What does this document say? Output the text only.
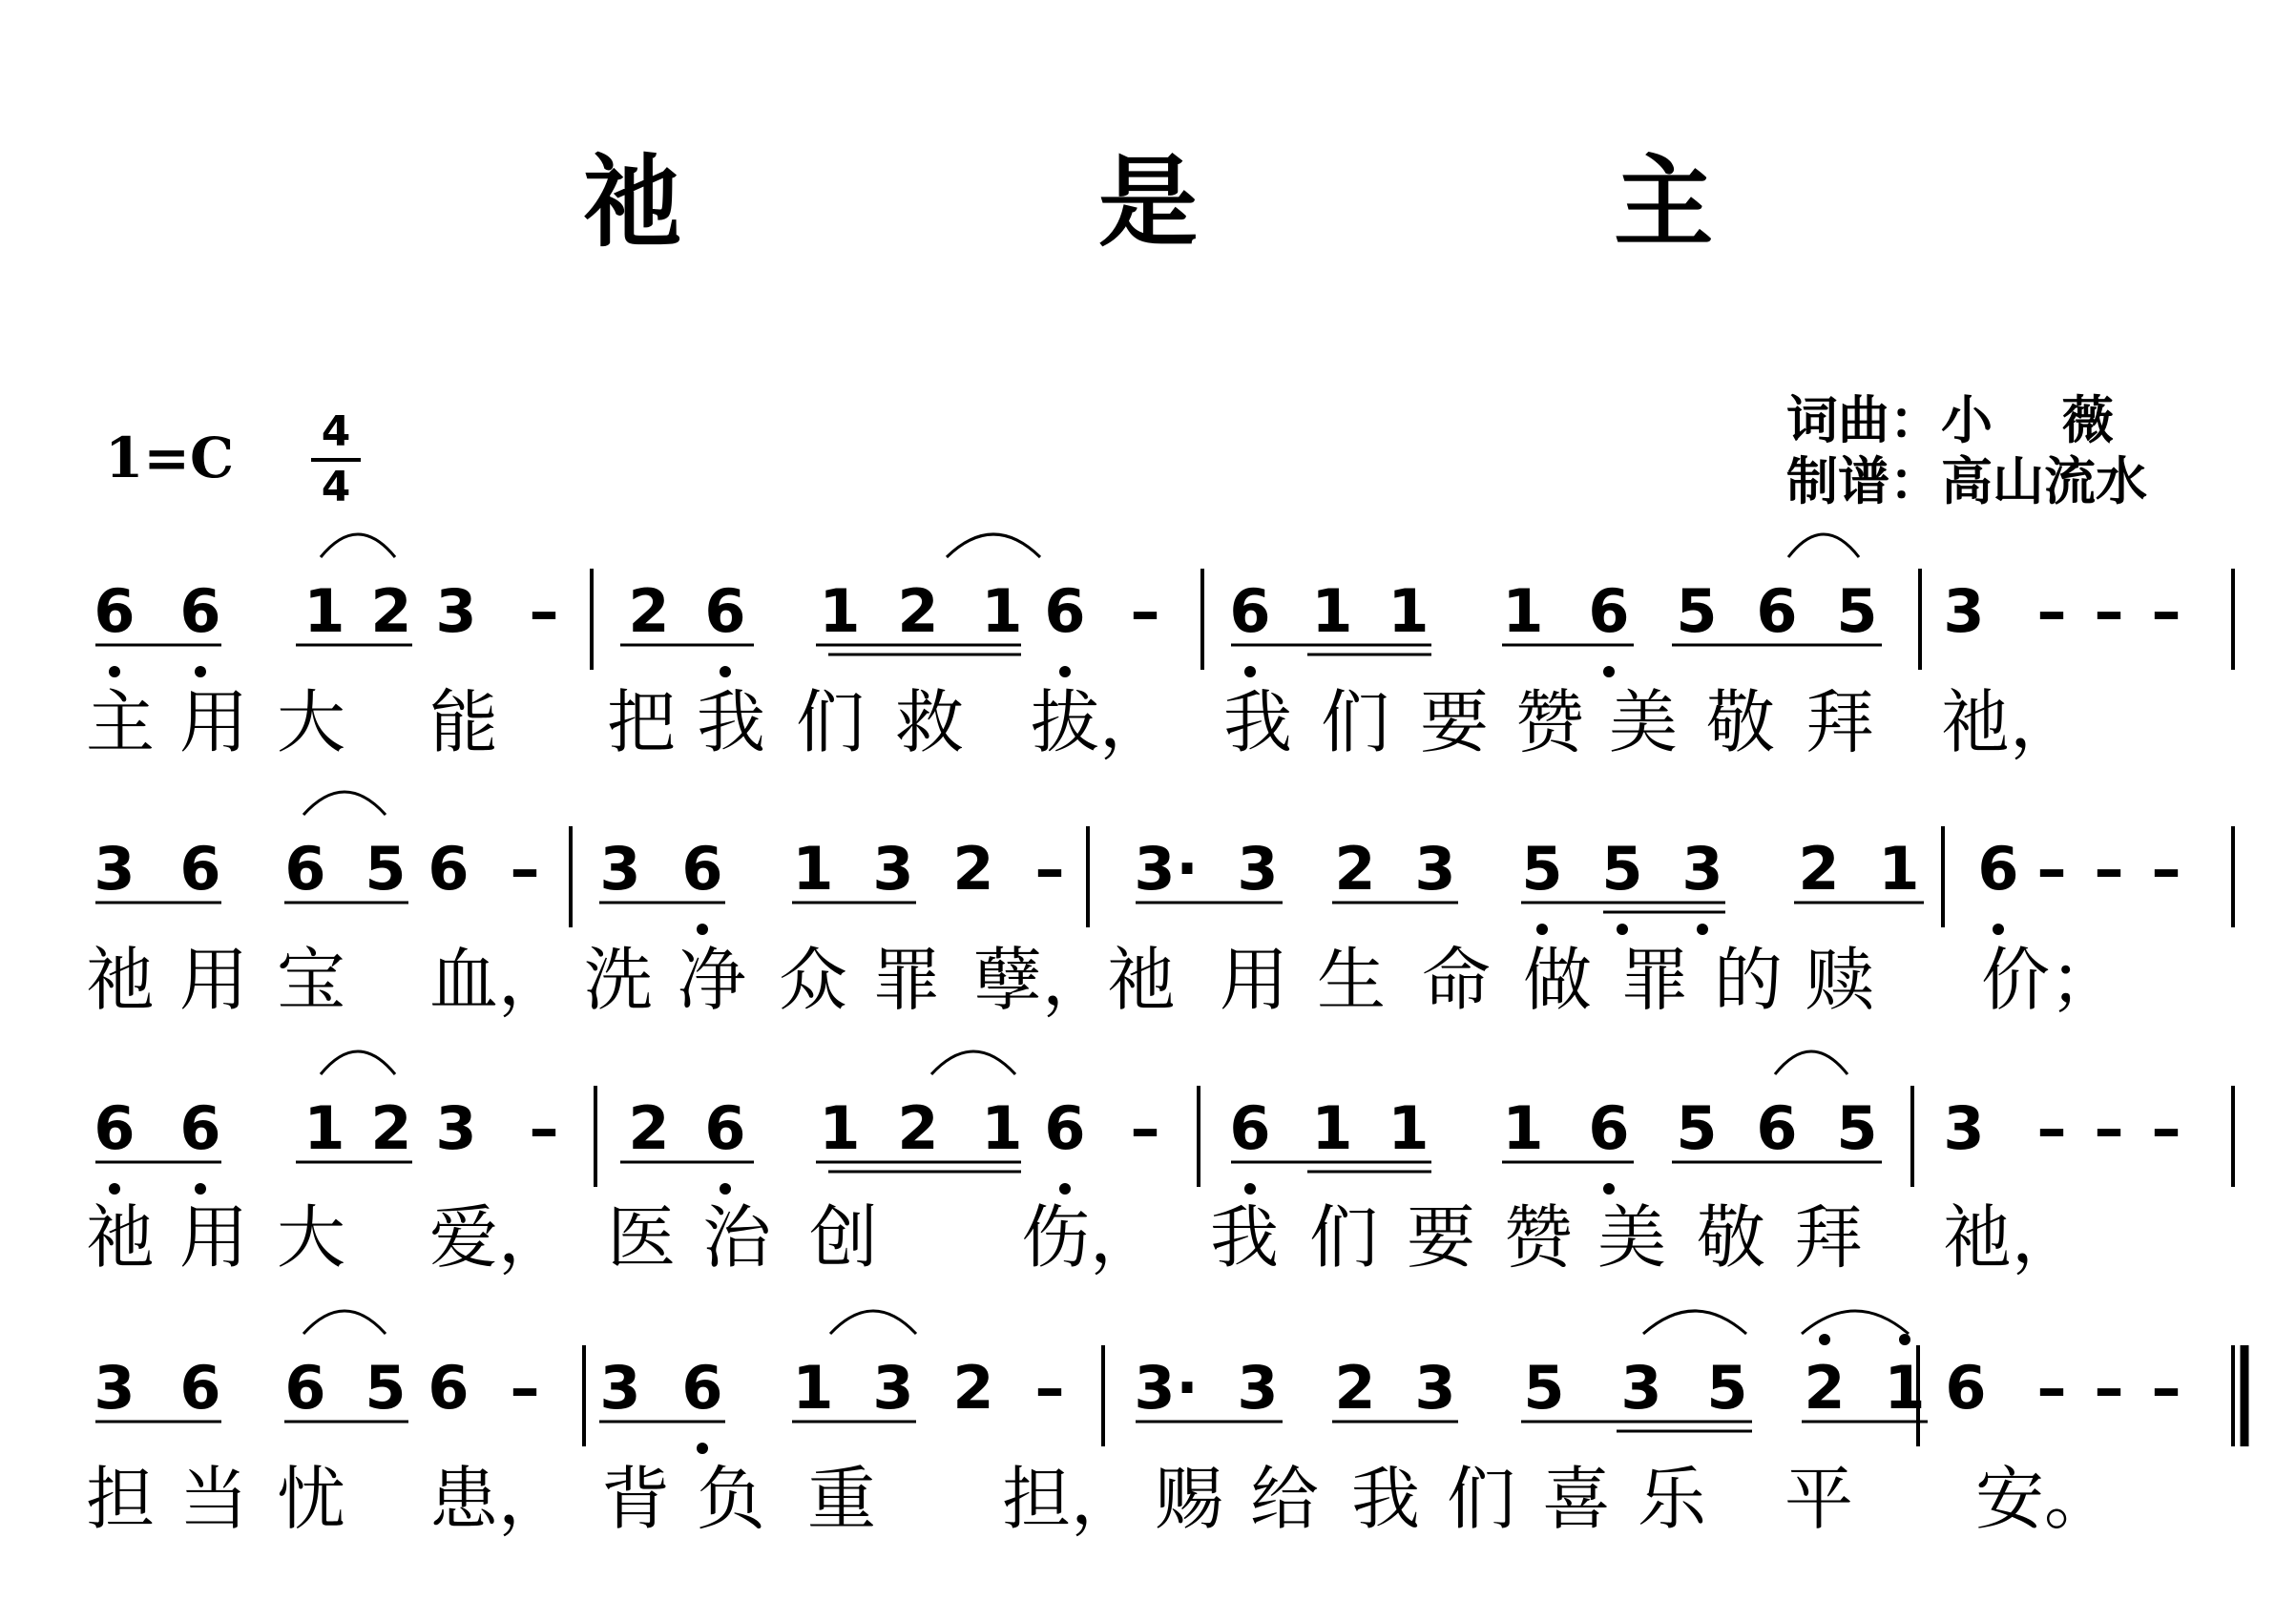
祂 是 主
词曲：小　 薇
制谱：高山流水
1=C 4
4
6 6 1 2 3 – 2 6 1 2 1 6 – 6 1 1 1 6 5 6 5 3 – – –
主 用 大 能 把 我 们 救 拔， 我 们 要 赞 美 敬 拜 祂，
3 6 6 5 6 – 3 6 1 3 2 – 3 · 3 2 3 5 5 3 2 1 6 – – –
祂 用 宝 血， 洗 净 众 罪 孽，
祂 用 生 命 做 罪 的 赎 价；
6 6 1 2 3 – 2 6 1 2 1 6 – 6 1 1 1 6 5 6 5 3 – – –
祂 用 大 爱， 医 治 创 伤， 我 们 要 赞 美 敬 拜 祂，
3 6 6 5 6 – 3 6 1 3 2 – 3 · 3 2 3 5 3 5 2 1 6 – – –
担 当 忧 患， 背 负 重 担， 赐 给 我 们 喜 乐 平 安。
